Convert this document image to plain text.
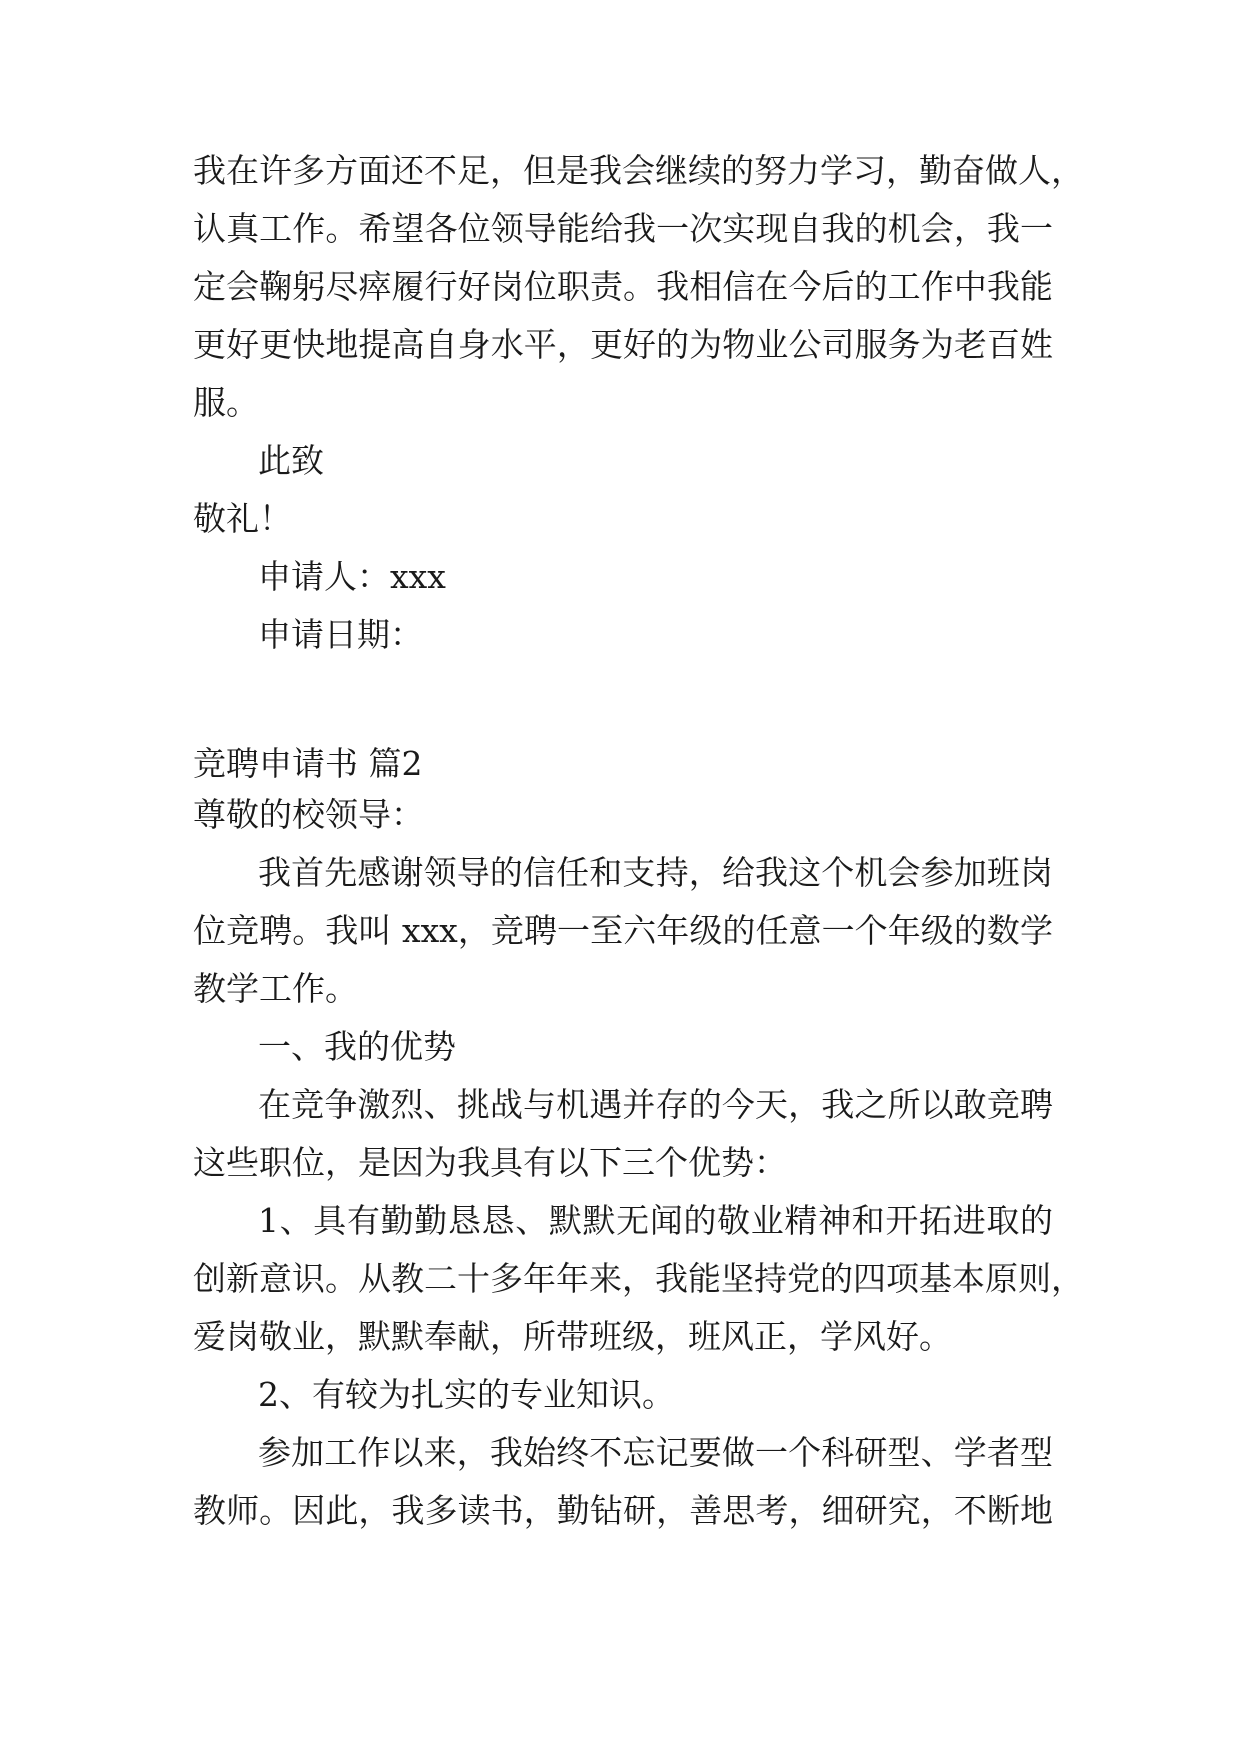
我在许多方面还不足，但是我会继续的努力学习，勤奋做人，
认真工作。希望各位领导能给我一次实现自我的机会，我一
定会鞠躬尽瘁履行好岗位职责。我相信在今后的工作中我能
更好更快地提高自身水平，更好的为物业公司服务为老百姓
服。
此致
敬礼！
申请人：xxx
申请日期：
竞聘申请书 篇2
尊敬的校领导：
我首先感谢领导的信任和支持，给我这个机会参加班岗
位竞聘。我叫 xxx，竞聘一至六年级的任意一个年级的数学
教学工作。
一、我的优势
在竞争激烈、挑战与机遇并存的今天，我之所以敢竞聘
这些职位，是因为我具有以下三个优势：
1、具有勤勤恳恳、默默无闻的敬业精神和开拓进取的
创新意识。从教二十多年年来，我能坚持党的四项基本原则，
爱岗敬业，默默奉献，所带班级，班风正，学风好。
2、有较为扎实的专业知识。
参加工作以来，我始终不忘记要做一个科研型、学者型
教师。因此，我多读书，勤钻研，善思考，细研究，不断地
